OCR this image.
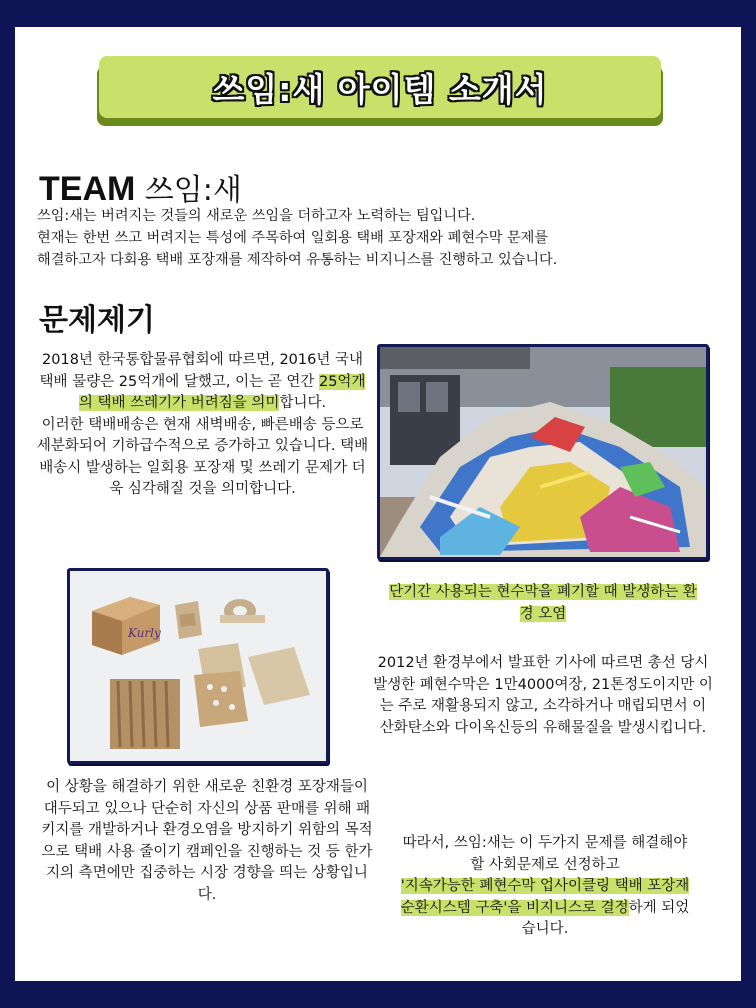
쓰임:새 아이템 소개서
TEAM 쓰임:새
쓰임:새는 버려지는 것들의 새로운 쓰임을 더하고자 노력하는 팀입니다.
현재는 한번 쓰고 버려지는 특성에 주목하여 일회용 택배 포장재와 폐현수막 문제를
해결하고자 다회용 택배 포장재를 제작하여 유통하는 비지니스를 진행하고 있습니다.
문제제기

2018년 한국통합물류협회에 따르면, 2016년 국내 택배 물량은 25억개에 달했고, 이는 곧 연간 25억개의 택배 쓰레기가 버려짐을 의미합니다.
이러한 택배배송은 현재 새벽배송, 빠른배송 등으로 세분화되어 기하급수적으로 증가하고 있습니다. 택배배송시 발생하는 일회용 포장재 및 쓰레기 문제가 더욱 심각해질 것을 의미합니다.

Kurly

단기간 사용되는 현수막을 폐기할 때 발생하는 환경 오염

2012년 환경부에서 발표한 기사에 따르면 총선 당시 발생한 폐현수막은 1만4000여장, 21톤정도이지만 이는 주로 재활용되지 않고, 소각하거나 매립되면서 이산화탄소와 다이옥신등의 유해물질을 발생시킵니다.

따라서, 쓰임:새는 이 두가지 문제를 해결해야 할 사회문제로 선정하고
'지속가능한 폐현수막 업사이클링 택배 포장재 순환시스템 구축'을 비지니스로 결정하게 되었습니다.

이 상황을 해결하기 위한 새로운 친환경 포장재들이 대두되고 있으나 단순히 자신의 상품 판매를 위해 패키지를 개발하거나 환경오염을 방지하기 위함의 목적으로 택배 사용 줄이기 캠페인을 진행하는 것 등 한가지의 측면에만 집중하는 시장 경향을 띄는 상황입니다.
